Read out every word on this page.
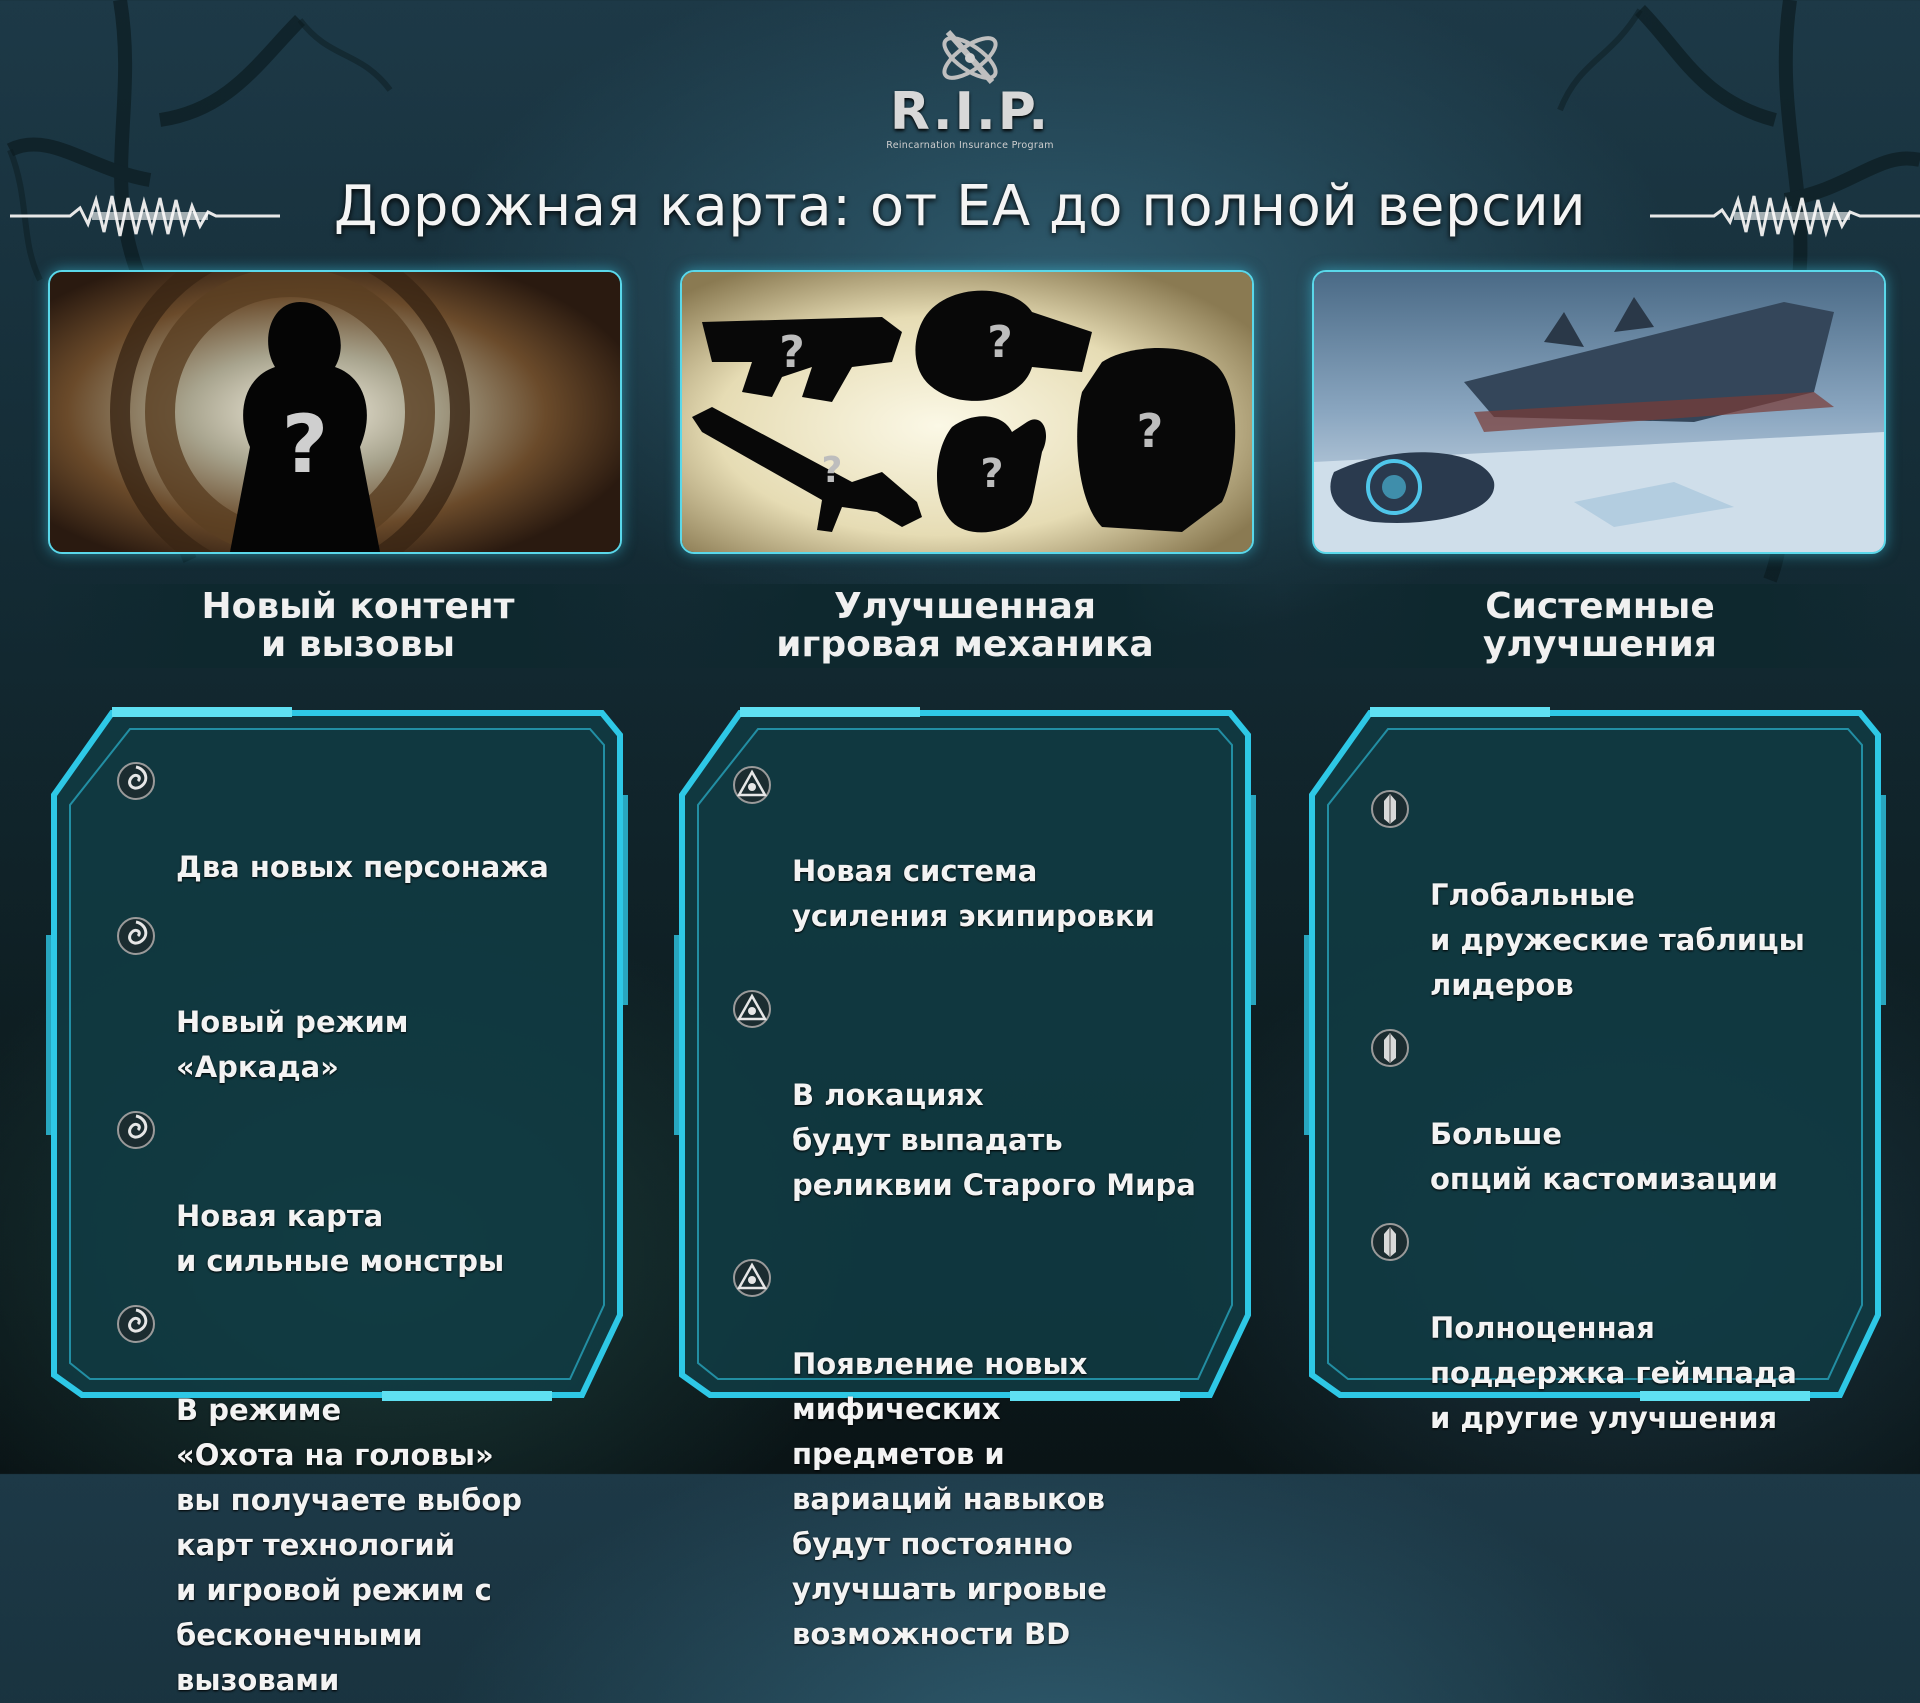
R.I.P.
Reincarnation Insurance Program
Дорожная карта: от EA до полной версии
?
?	?
?	?
?
Новый контент
и вызовы
Улучшенная
игровая механика
Системные
улучшения

Два новых персонажа

Новый режим
«Аркада»

Новая карта
и сильные монстры

В режиме
«Охота на головы»
вы получаете выбор
карт технологий
и игровой режим с
бесконечными
вызовами

Новая система
усиления экипировки

В локациях
будут выпадать
реликвии Старого Мира

Появление новых
мифических
предметов и
вариаций навыков
будут постоянно
улучшать игровые
возможности BD

Глобальные
и дружеские таблицы
лидеров

Больше
опций кастомизации

Полноценная
поддержка геймпада
и другие улучшения
